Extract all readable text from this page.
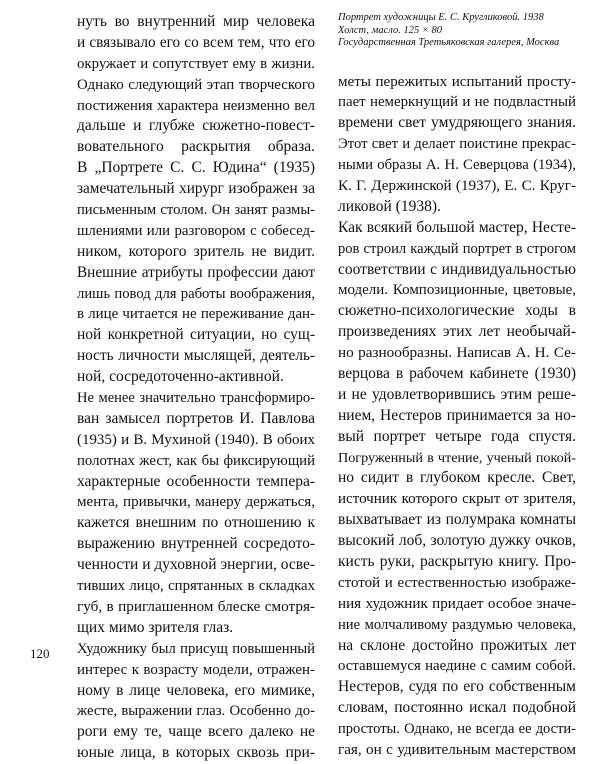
нуть во внутренний мир человека
и связывало его со всем тем, что его
окружает и сопутствует ему в жизни.
Однако следующий этап творческого
постижения характера неизменно вел
дальше и глубже сюжетно-повест-
вовательного раскрытия образа.
В „Портрете С. С. Юдина“ (1935)
замечательный хирург изображен за
письменным столом. Он занят размы-
шлениями или разговором с собесед-
ником, которого зритель не видит.
Внешние атрибуты профессии дают
лишь повод для работы воображения,
в лице читается не переживание дан-
ной конкретной ситуации, но сущ-
ность личности мыслящей, деятель-
ной, сосредоточенно-активной.
Не менее значительно трансформиро-
ван замысел портретов И. Павлова
(1935) и В. Мухиной (1940). В обоих
полотнах жест, как бы фиксирующий
характерные особенности темпера-
мента, привычки, манеру держаться,
кажется внешним по отношению к
выражению внутренней сосредото-
ченности и духовной энергии, осве-
тивших лицо, спрятанных в складках
губ, в приглашенном блеске смотря-
щих мимо зрителя глаз.
Художнику был присущ повышенный
интерес к возрасту модели, отражен-
ному в лице человека, его мимике,
жесте, выражении глаз. Особенно до-
роги ему те, чаще всего далеко не
юные лица, в которых сквозь при-
Портрет художницы Е. С. Кругликовой. 1938
Холст, масло. 125 × 80
Государственная Третьяковская галерея, Москва
меты пережитых испытаний просту-
пает немеркнущий и не подвластный
времени свет умудряющего знания.
Этот свет и делает поистине прекрас-
ными образы А. Н. Северцова (1934),
К. Г. Держинской (1937), Е. С. Круг-
ликовой (1938).
Как всякий большой мастер, Несте-
ров строил каждый портрет в строгом
соответствии с индивидуальностью
модели. Композиционные, цветовые,
сюжетно-психологические ходы в
произведениях этих лет необычай-
но разнообразны. Написав А. Н. Се-
верцова в рабочем кабинете (1930)
и не удовлетворившись этим реше-
нием, Нестеров принимается за но-
вый портрет четыре года спустя.
Погруженный в чтение, ученый покой-
но сидит в глубоком кресле. Свет,
источник которого скрыт от зрителя,
выхватывает из полумрака комнаты
высокий лоб, золотую дужку очков,
кисть руки, раскрытую книгу. Про-
стотой и естественностью изображе-
ния художник придает особое значе-
ние молчаливому раздумью человека,
на склоне достойно прожитых лет
оставшемуся наедине с самим собой.
Нестеров, судя по его собственным
словам, постоянно искал подобной
простоты. Однако, не всегда ее дости-
гая, он с удивительным мастерством
120
